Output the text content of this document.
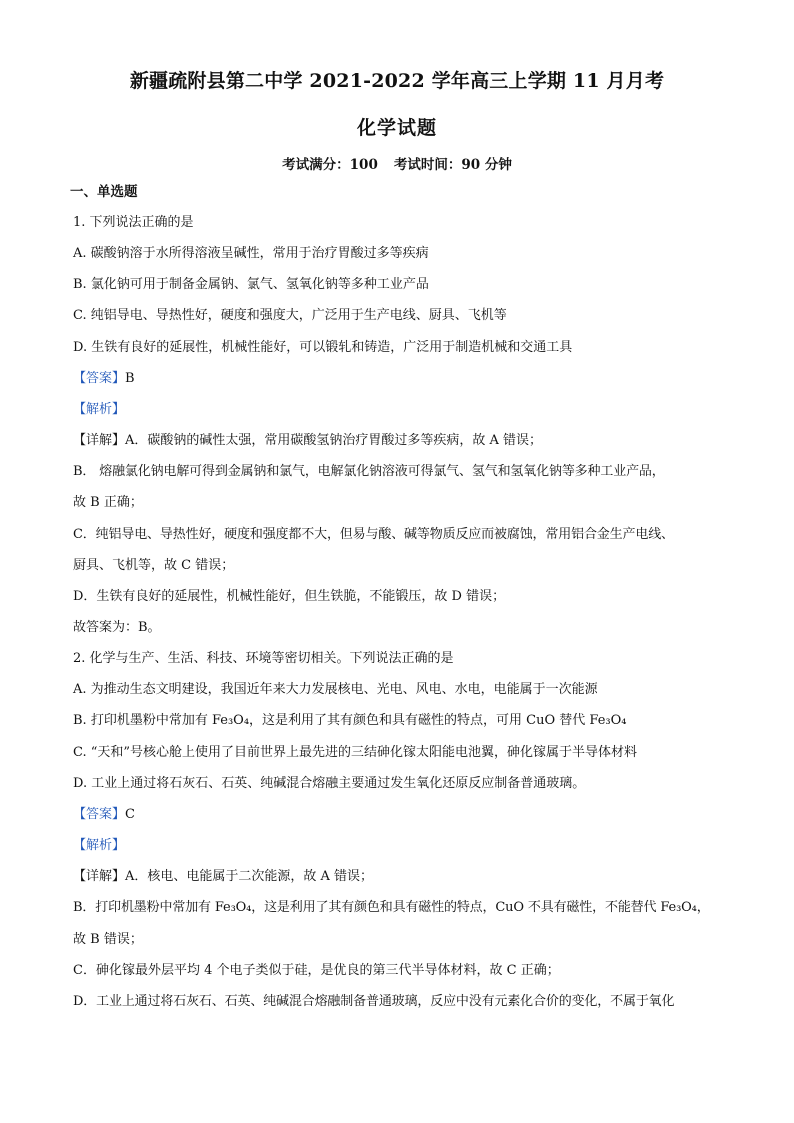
新疆疏附县第二中学 2021-2022 学年高三上学期 11 月月考
化学试题
考试满分：100 考试时间：90 分钟
一、单选题
1. 下列说法正确的是
A. 碳酸钠溶于水所得溶液呈碱性，常用于治疗胃酸过多等疾病
B. 氯化钠可用于制备金属钠、氯气、氢氧化钠等多种工业产品
C. 纯铝导电、导热性好，硬度和强度大，广泛用于生产电线、厨具、飞机等
D. 生铁有良好的延展性，机械性能好，可以锻轧和铸造，广泛用于制造机械和交通工具
【答案】B
【解析】
【详解】A．碳酸钠的碱性太强，常用碳酸氢钠治疗胃酸过多等疾病，故 A 错误；
B． 熔融氯化钠电解可得到金属钠和氯气，电解氯化钠溶液可得氯气、氢气和氢氧化钠等多种工业产品，
故 B 正确；
C．纯铝导电、导热性好，硬度和强度都不大，但易与酸、碱等物质反应而被腐蚀，常用铝合金生产电线、
厨具、飞机等，故 C 错误；
D．生铁有良好的延展性，机械性能好，但生铁脆，不能锻压，故 D 错误；
故答案为：B。
2. 化学与生产、生活、科技、环境等密切相关。下列说法正确的是
A. 为推动生态文明建设，我国近年来大力发展核电、光电、风电、水电，电能属于一次能源
B. 打印机墨粉中常加有 Fe₃O₄，这是利用了其有颜色和具有磁性的特点，可用 CuO 替代 Fe₃O₄
C. “天和”号核心舱上使用了目前世界上最先进的三结砷化镓太阳能电池翼，砷化镓属于半导体材料
D. 工业上通过将石灰石、石英、纯碱混合熔融主要通过发生氧化还原反应制备普通玻璃。
【答案】C
【解析】
【详解】A．核电、电能属于二次能源，故 A 错误；
B．打印机墨粉中常加有 Fe₃O₄，这是利用了其有颜色和具有磁性的特点，CuO 不具有磁性，不能替代 Fe₃O₄，
故 B 错误；
C．砷化镓最外层平均 4 个电子类似于硅，是优良的第三代半导体材料，故 C 正确；
D．工业上通过将石灰石、石英、纯碱混合熔融制备普通玻璃，反应中没有元素化合价的变化，不属于氧化
